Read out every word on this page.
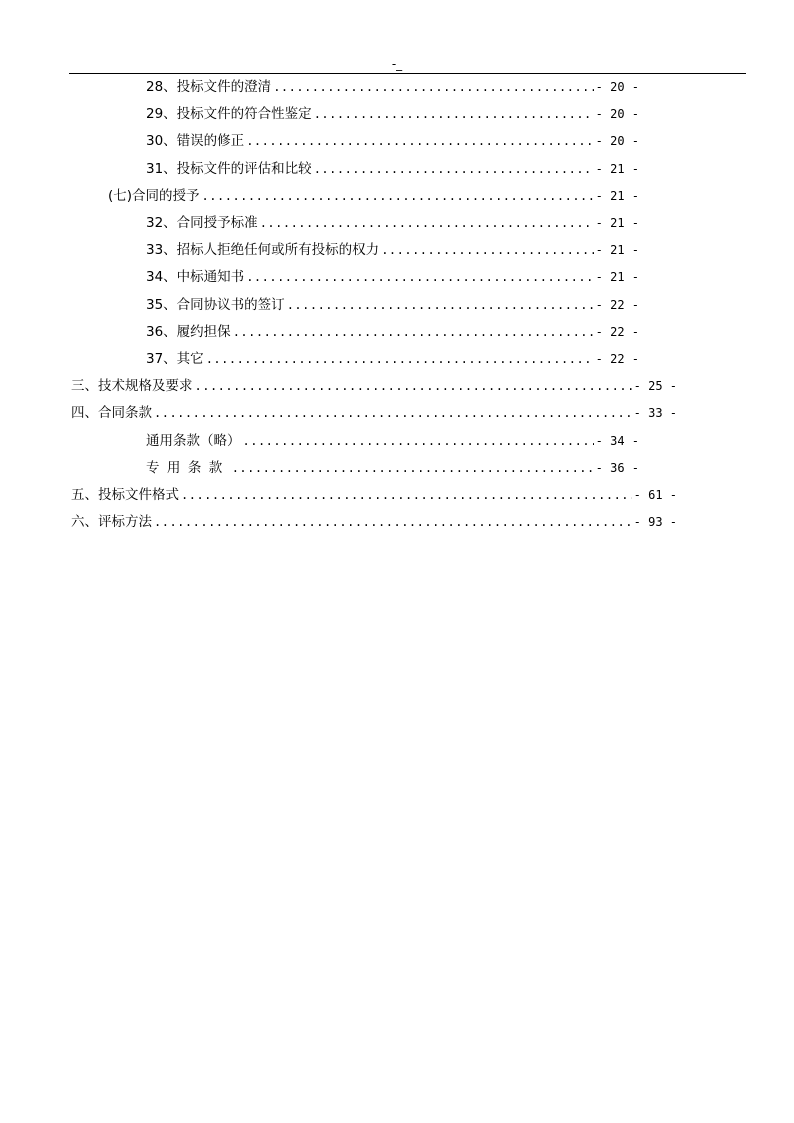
-_
28、投标文件的澄清 .....	- 20 -
29、投标文件的符合性鉴定 .....	- 20 -
30、错误的修正 .....	- 20 -
31、投标文件的评估和比较 .....	- 21 -
(七)合同的授予 .....	- 21 -
32、合同授予标准 .....	- 21 -
33、招标人拒绝任何或所有投标的权力 .....	- 21 -
34、中标通知书 .....	- 21 -
35、合同协议书的签订 .....	- 22 -
36、履约担保 .....	- 22 -
37、其它 .....	- 22 -
三、技术规格及要求 .....	- 25 -
四、合同条款 .....	- 33 -
通用条款（略） .....	- 34 -
专用条款 .....	- 36 -
五、投标文件格式 .....	- 61 -
六、评标方法 .....	- 93 -
